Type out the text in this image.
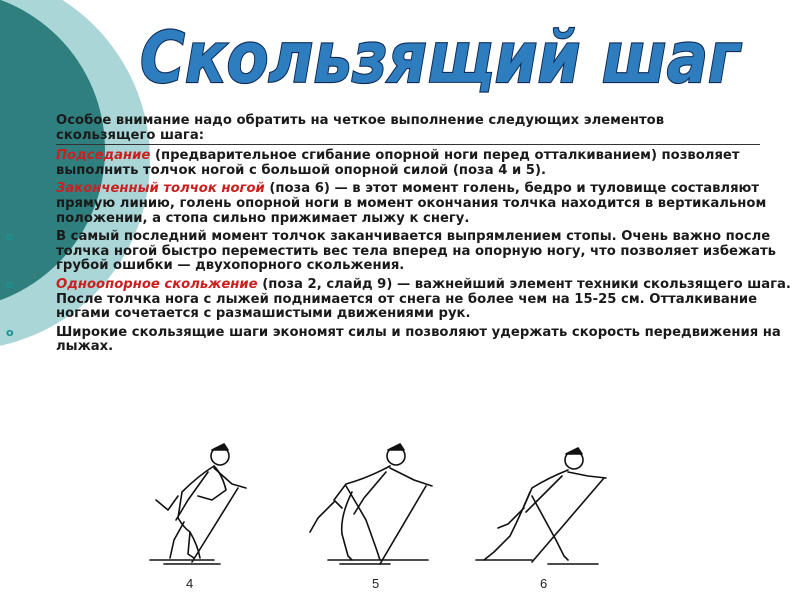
Скользящий шаг

Особое внимание надо обратить на четкое выполнение следующих элементов скользящего шага:

Подседание (предварительное сгибание опорной ноги перед отталкиванием) позволяет выполнить толчок ногой с большой опорной силой (поза 4 и 5).

Законченный толчок ногой (поза 6) — в этот момент голень, бедро и туловище составляют прямую линию, голень опорной ноги в момент окончания толчка находится в вертикальном положении, а стопа сильно прижимает лыжу к снегу.

o	В самый последний момент толчок заканчивается выпрямлением стопы. Очень важно после толчка ногой быстро переместить вес тела вперед на опорную ногу, что позволяет избежать грубой ошибки — двухопорного скольжения.

o	Одноопорное скольжение (поза 2, слайд 9) — важнейший элемент техники скользящего шага. После толчка нога с лыжей поднимается от снега не более чем на 15-25 см. Отталкивание ногами сочетается с размашистыми движениями рук.

o	Широкие скользящие шаги экономят силы и позволяют удержать скорость передвижения на лыжах.

4	5	6
